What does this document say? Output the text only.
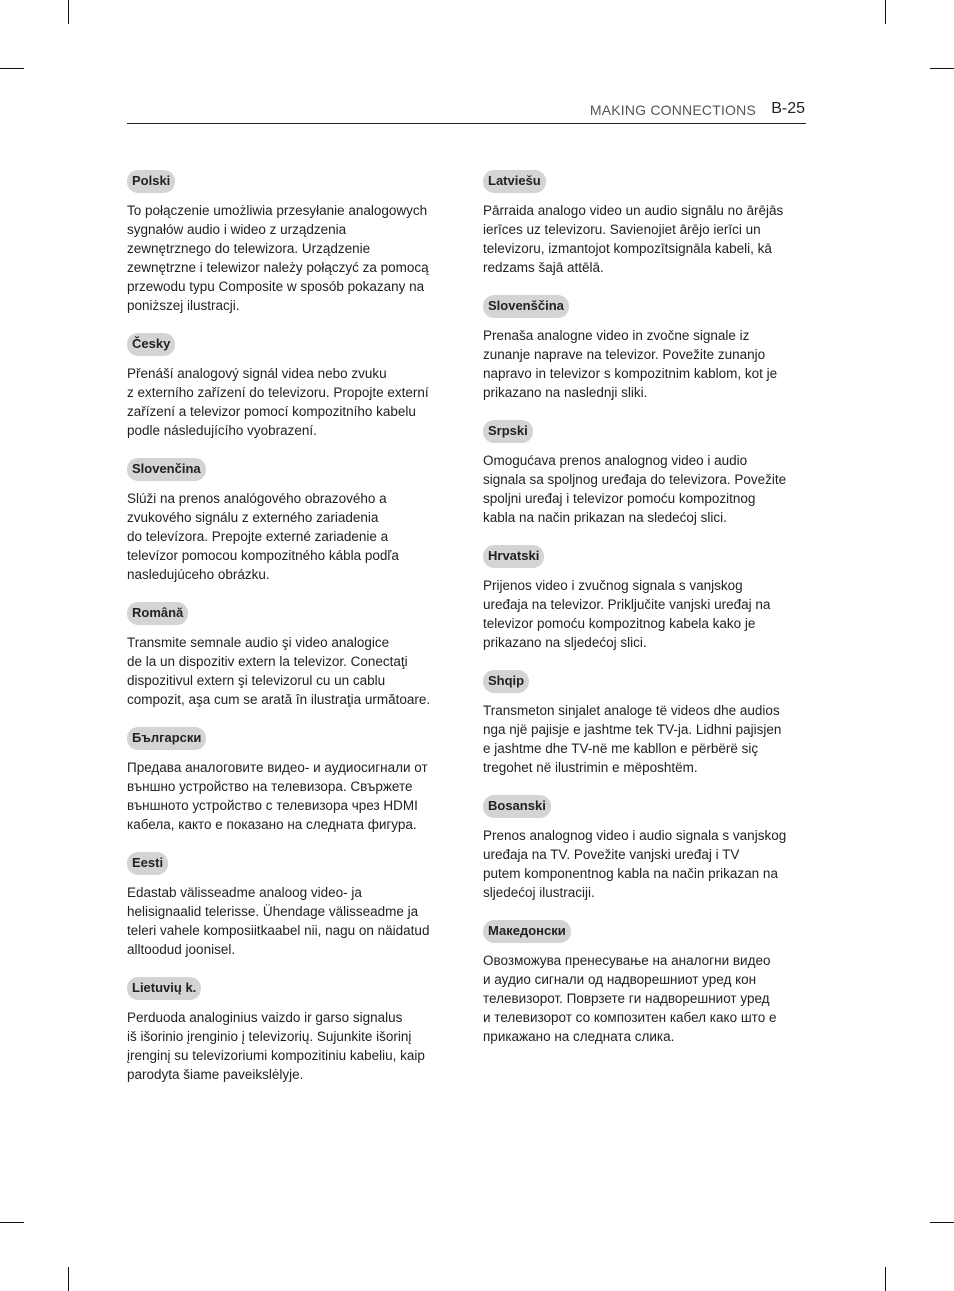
MAKING CONNECTIONS B-25
Polski

To połączenie umożliwia przesyłanie analogowych
sygnałów audio i wideo z urządzenia
zewnętrznego do telewizora. Urządzenie
zewnętrzne i telewizor należy połączyć za pomocą
przewodu typu Composite w sposób pokazany na
poniższej ilustracji.

Česky

Přenáší analogový signál videa nebo zvuku
z externího zařízení do televizoru. Propojte externí
zařízení a televizor pomocí kompozitního kabelu
podle následujícího vyobrazení.

Slovenčina

Slúži na prenos analógového obrazového a
zvukového signálu z externého zariadenia
do televízora. Prepojte externé zariadenie a
televízor pomocou kompozitného kábla podľa
nasledujúceho obrázku.

Română

Transmite semnale audio şi video analogice
de la un dispozitiv extern la televizor. Conectaţi
dispozitivul extern şi televizorul cu un cablu
compozit, aşa cum se arată în ilustraţia următoare.

Български

Предава аналоговите видео- и аудиосигнали от
външно устройство на телевизора. Свържете
външното устройство с телевизора чрез HDMI
кабела, както е показано на следната фигура.

Eesti

Edastab välisseadme analoog video- ja
helisignaalid telerisse. Ühendage välisseadme ja
teleri vahele komposiitkaabel nii, nagu on näidatud
alltoodud joonisel.

Lietuvių k.

Perduoda analoginius vaizdo ir garso signalus
iš išorinio įrenginio į televizorių. Sujunkite išorinį
įrenginį su televizoriumi kompozitiniu kabeliu, kaip
parodyta šiame paveikslėlyje.

Latviešu

Pārraida analogo video un audio signālu no ārējās
ierīces uz televizoru. Savienojiet ārējo ierīci un
televizoru, izmantojot kompozītsignāla kabeli, kā
redzams šajā attēlā.

Slovenščina

Prenaša analogne video in zvočne signale iz
zunanje naprave na televizor. Povežite zunanjo
napravo in televizor s kompozitnim kablom, kot je
prikazano na naslednji sliki.

Srpski

Omogućava prenos analognog video i audio
signala sa spoljnog uređaja do televizora. Povežite
spoljni uređaj i televizor pomoću kompozitnog
kabla na način prikazan na sledećoj slici.

Hrvatski

Prijenos video i zvučnog signala s vanjskog
uređaja na televizor. Priključite vanjski uređaj na
televizor pomoću kompozitnog kabela kako je
prikazano na sljedećoj slici.

Shqip

Transmeton sinjalet analoge të videos dhe audios
nga një pajisje e jashtme tek TV-ja. Lidhni pajisjen
e jashtme dhe TV-në me kabllon e përbërë siç
tregohet në ilustrimin e mëposhtëm.

Bosanski

Prenos analognog video i audio signala s vanjskog
uređaja na TV. Povežite vanjski uređaj i TV
putem komponentnog kabla na način prikazan na
sljedećoj ilustraciji.

Македонски

Овозможува пренесување на аналогни видео
и аудио сигнали од надворешниот уред кон
телевизорот. Поврзете ги надворешниот уред
и телевизорот со композитен кабел како што е
прикажано на следната слика.
